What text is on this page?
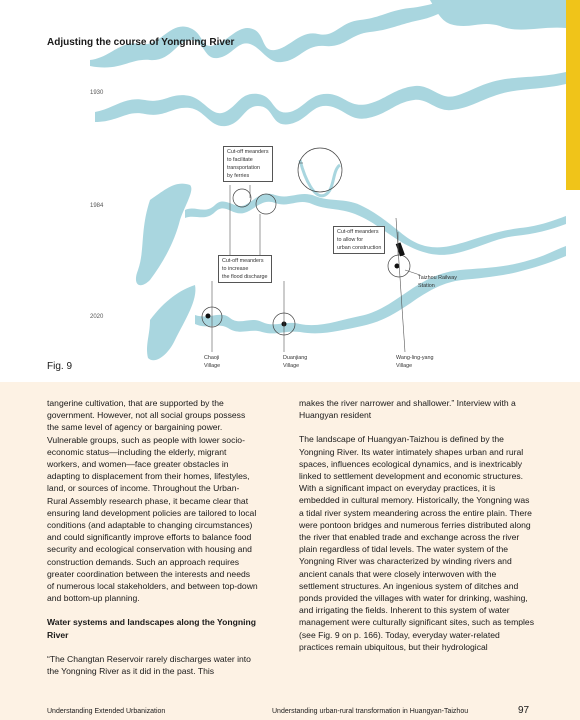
Adjusting the course of Yongning River
1930
1984
2020
Cut-off meanders
to facilitate
transportation
by ferries
Cut-off meanders
to allow for
urban construction
Cut-off meanders
to increase
the flood discharge	Taizhou Railway
Station
Chaoji
Village
Duanjiang
Village
Wang-ling-yang
Village
Fig. 9

tangerine cultivation, that are supported by the government. However, not all social groups possess the same level of agency or bargaining power. Vulnerable groups, such as people with lower socio-economic status—including the elderly, migrant workers, and women—face greater obstacles in adapting to displacement from their homes, lifestyles, land, or sources of income. Throughout the Urban-Rural Assembly research phase, it became clear that ensuring land development policies are tailored to local conditions (and adaptable to changing circumstances) and could significantly improve efforts to balance food security and ecological conservation with housing and construction demands. Such an approach requires greater coordination between the interests and needs of numerous local stakeholders, and between top-down and bottom-up planning.

Water systems and landscapes along the Yongning River

“The Changtan Reservoir rarely discharges water into the Yongning River as it did in the past. This

makes the river narrower and shallower.” Interview with a Huangyan resident

The landscape of Huangyan-Taizhou is defined by the Yongning River. Its water intimately shapes urban and rural spaces, influences ecological dynamics, and is inextricably linked to settlement development and economic structures. With a significant impact on everyday practices, it is embedded in cultural memory. Historically, the Yongning was a tidal river system meandering across the entire plain. There were pontoon bridges and numerous ferries distributed along the river that enabled trade and exchange across the river plain regardless of tidal levels. The water system of the Yongning River was characterized by winding rivers and ancient canals that were closely interwoven with the settlement structures. An ingenious system of ditches and ponds provided the villages with water for drinking, washing, and irrigating the fields. Inherent to this system of water management were culturally significant sites, such as temples (see Fig. 9 on p. 166). Today, everyday water-related practices remain ubiquitous, but their hydrological

Understanding Extended Urbanization	Understanding urban-rural transformation in Huangyan-Taizhou	97
